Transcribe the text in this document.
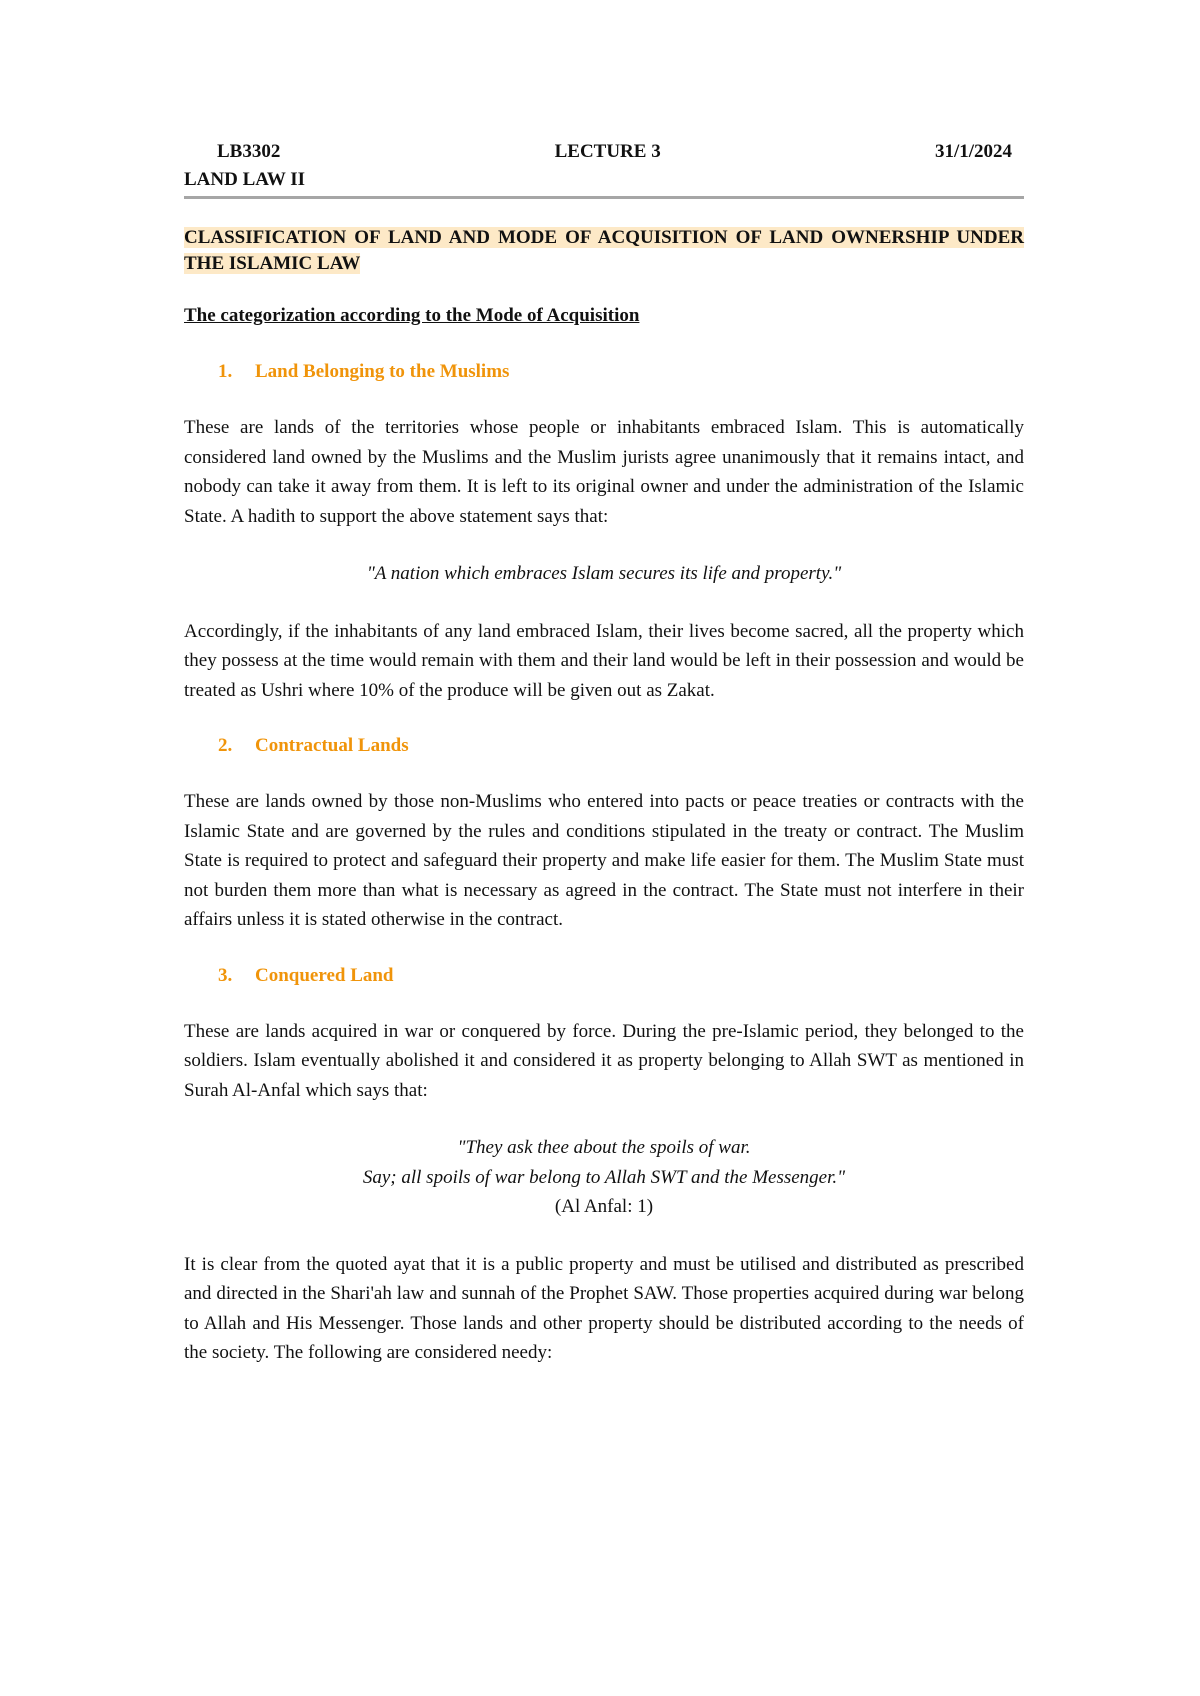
LB3302	LECTURE 3	31/1/2024
LAND LAW II

CLASSIFICATION OF LAND AND MODE OF ACQUISITION OF LAND OWNERSHIP UNDER THE ISLAMIC LAW

The categorization according to the Mode of Acquisition

1. Land Belonging to the Muslims

These are lands of the territories whose people or inhabitants embraced Islam. This is automatically considered land owned by the Muslims and the Muslim jurists agree unanimously that it remains intact, and nobody can take it away from them. It is left to its original owner and under the administration of the Islamic State. A hadith to support the above statement says that:

"A nation which embraces Islam secures its life and property."

Accordingly, if the inhabitants of any land embraced Islam, their lives become sacred, all the property which they possess at the time would remain with them and their land would be left in their possession and would be treated as Ushri where 10% of the produce will be given out as Zakat.

2. Contractual Lands

These are lands owned by those non-Muslims who entered into pacts or peace treaties or contracts with the Islamic State and are governed by the rules and conditions stipulated in the treaty or contract. The Muslim State is required to protect and safeguard their property and make life easier for them. The Muslim State must not burden them more than what is necessary as agreed in the contract. The State must not interfere in their affairs unless it is stated otherwise in the contract.

3. Conquered Land

These are lands acquired in war or conquered by force. During the pre-Islamic period, they belonged to the soldiers. Islam eventually abolished it and considered it as property belonging to Allah SWT as mentioned in Surah Al-Anfal which says that:

"They ask thee about the spoils of war.
Say; all spoils of war belong to Allah SWT and the Messenger."
(Al Anfal: 1)

It is clear from the quoted ayat that it is a public property and must be utilised and distributed as prescribed and directed in the Shari'ah law and sunnah of the Prophet SAW. Those properties acquired during war belong to Allah and His Messenger. Those lands and other property should be distributed according to the needs of the society. The following are considered needy:
